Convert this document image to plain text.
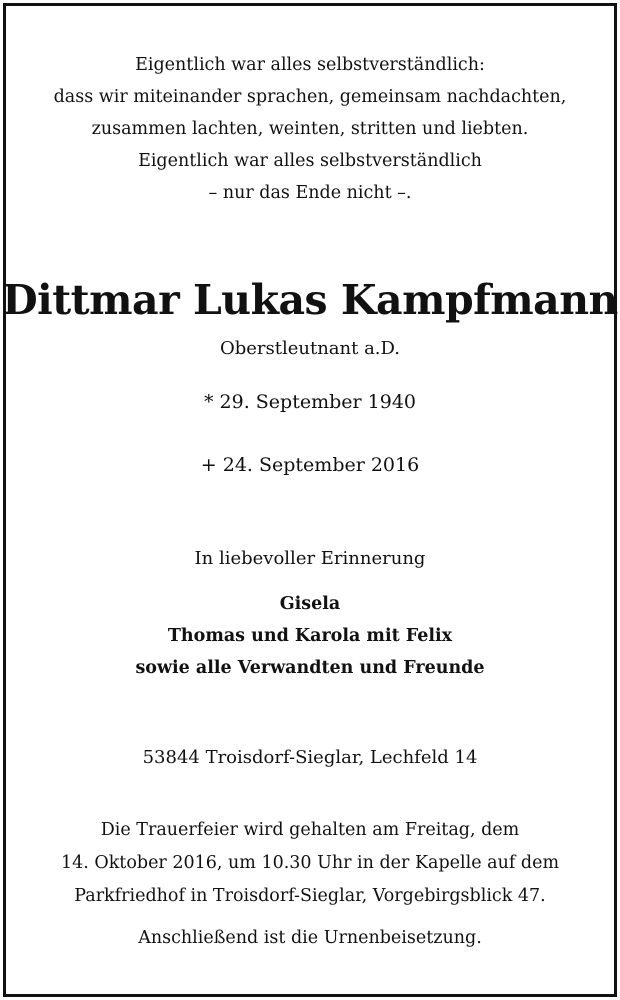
Eigentlich war alles selbstverständlich:
dass wir miteinander sprachen, gemeinsam nachdachten,
zusammen lachten, weinten, stritten und liebten.
Eigentlich war alles selbstverständlich
– nur das Ende nicht –.
Dittmar Lukas Kampfmann
Oberstleutnant a.D.
* 29. September 1940
+ 24. September 2016
In liebevoller Erinnerung
Gisela
Thomas und Karola mit Felix
sowie alle Verwandten und Freunde
53844 Troisdorf-Sieglar, Lechfeld 14
Die Trauerfeier wird gehalten am Freitag, dem
14. Oktober 2016, um 10.30 Uhr in der Kapelle auf dem
Parkfriedhof in Troisdorf-Sieglar, Vorgebirgsblick 47.
Anschließend ist die Urnenbeisetzung.
